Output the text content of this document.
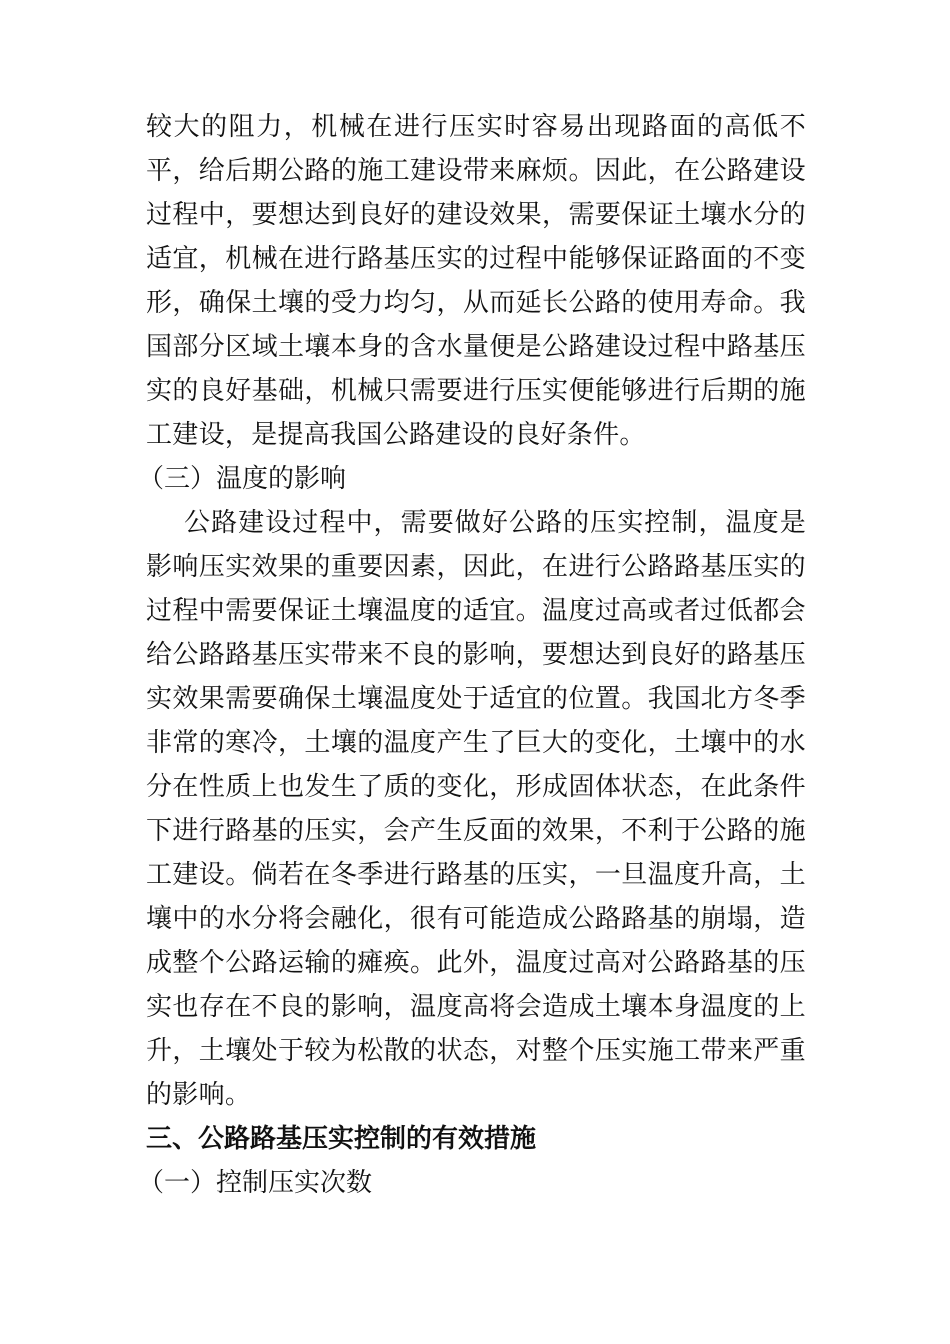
较大的阻力，机械在进行压实时容易出现路面的高低不平，给后期公路的施工建设带来麻烦。因此，在公路建设过程中，要想达到良好的建设效果，需要保证土壤水分的适宜，机械在进行路基压实的过程中能够保证路面的不变形，确保土壤的受力均匀，从而延长公路的使用寿命。我国部分区域土壤本身的含水量便是公路建设过程中路基压实的良好基础，机械只需要进行压实便能够进行后期的施工建设，是提高我国公路建设的良好条件。

（三）温度的影响

公路建设过程中，需要做好公路的压实控制，温度是影响压实效果的重要因素，因此，在进行公路路基压实的过程中需要保证土壤温度的适宜。温度过高或者过低都会给公路路基压实带来不良的影响，要想达到良好的路基压实效果需要确保土壤温度处于适宜的位置。我国北方冬季非常的寒冷，土壤的温度产生了巨大的变化，土壤中的水分在性质上也发生了质的变化，形成固体状态，在此条件下进行路基的压实，会产生反面的效果，不利于公路的施工建设。倘若在冬季进行路基的压实，一旦温度升高，土壤中的水分将会融化，很有可能造成公路路基的崩塌，造成整个公路运输的瘫痪。此外，温度过高对公路路基的压实也存在不良的影响，温度高将会造成土壤本身温度的上升，土壤处于较为松散的状态，对整个压实施工带来严重的影响。

三、公路路基压实控制的有效措施

（一）控制压实次数
